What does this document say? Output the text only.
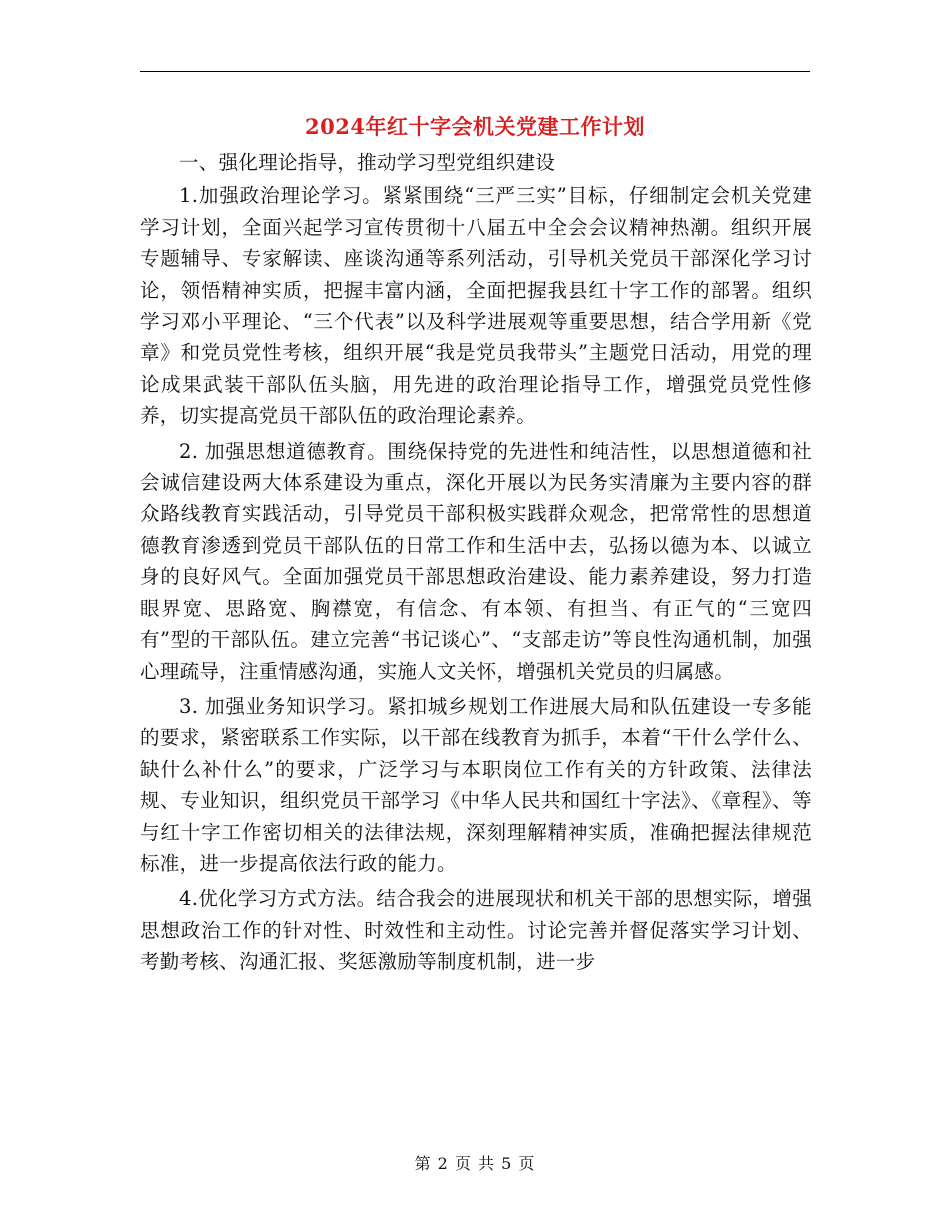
2024年红十字会机关党建工作计划

一、强化理论指导，推动学习型党组织建设

1.加强政治理论学习。紧紧围绕“三严三实”目标，仔细制定会机关党建学习计划，全面兴起学习宣传贯彻十八届五中全会会议精神热潮。组织开展专题辅导、专家解读、座谈沟通等系列活动，引导机关党员干部深化学习讨论，领悟精神实质，把握丰富内涵，全面把握我县红十字工作的部署。组织学习邓小平理论、“三个代表”以及科学进展观等重要思想，结合学用新《党章》和党员党性考核，组织开展“我是党员我带头”主题党日活动，用党的理论成果武装干部队伍头脑，用先进的政治理论指导工作，增强党员党性修养，切实提高党员干部队伍的政治理论素养。

2. 加强思想道德教育。围绕保持党的先进性和纯洁性，以思想道德和社会诚信建设两大体系建设为重点，深化开展以为民务实清廉为主要内容的群众路线教育实践活动，引导党员干部积极实践群众观念，把常常性的思想道德教育渗透到党员干部队伍的日常工作和生活中去，弘扬以德为本、以诚立身的良好风气。全面加强党员干部思想政治建设、能力素养建设，努力打造眼界宽、思路宽、胸襟宽，有信念、有本领、有担当、有正气的“三宽四有”型的干部队伍。建立完善“书记谈心”、“支部走访”等良性沟通机制，加强心理疏导，注重情感沟通，实施人文关怀，增强机关党员的归属感。

3. 加强业务知识学习。紧扣城乡规划工作进展大局和队伍建设一专多能的要求，紧密联系工作实际，以干部在线教育为抓手，本着“干什么学什么、缺什么补什么”的要求，广泛学习与本职岗位工作有关的方针政策、法律法规、专业知识，组织党员干部学习《中华人民共和国红十字法》、《章程》、等与红十字工作密切相关的法律法规，深刻理解精神实质，准确把握法律规范标准，进一步提高依法行政的能力。

4.优化学习方式方法。结合我会的进展现状和机关干部的思想实际，增强思想政治工作的针对性、时效性和主动性。讨论完善并督促落实学习计划、考勤考核、沟通汇报、奖惩激励等制度机制，进一步

第 2 页 共 5 页
